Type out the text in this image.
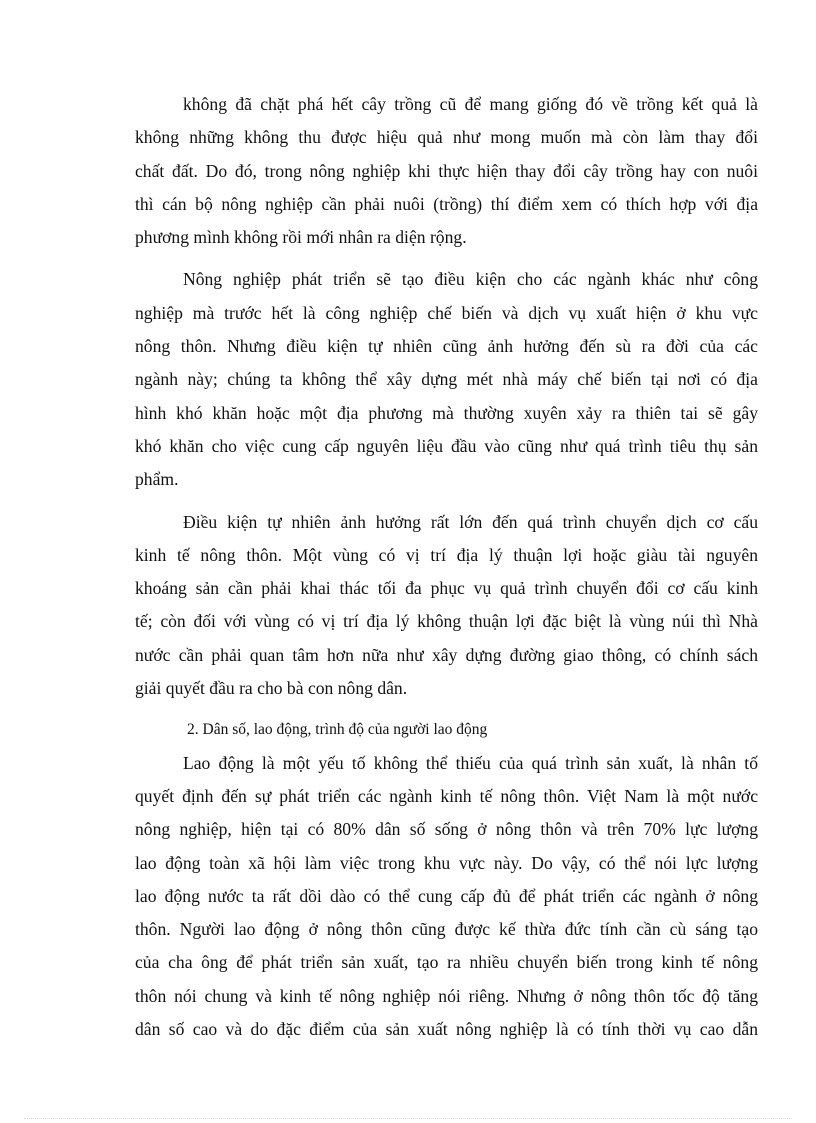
không đã chặt phá hết cây trồng cũ để mang giống đó về trồng kết quả là
không những không thu được hiệu quả như mong muốn mà còn làm thay đổi
chất đất. Do đó, trong nông nghiệp khi thực hiện thay đổi cây trồng hay con nuôi
thì cán bộ nông nghiệp cần phải nuôi (trồng) thí điểm xem có thích hợp với địa
phương mình không rồi mới nhân ra diện rộng.
Nông nghiệp phát triển sẽ tạo điều kiện cho các ngành khác như công
nghiệp mà trước hết là công nghiệp chế biến và dịch vụ xuất hiện ở khu vực
nông thôn. Nhưng điều kiện tự nhiên cũng ảnh hưởng đến sù ra đời của các
ngành này; chúng ta không thể xây dựng mét nhà máy chế biến tại nơi có địa
hình khó khăn hoặc một địa phương mà thường xuyên xảy ra thiên tai sẽ gây
khó khăn cho việc cung cấp nguyên liệu đầu vào cũng như quá trình tiêu thụ sản
phẩm.
Điều kiện tự nhiên ảnh hưởng rất lớn đến quá trình chuyển dịch cơ cấu
kinh tế nông thôn. Một vùng có vị trí địa lý thuận lợi hoặc giàu tài nguyên
khoáng sản cần phải khai thác tối đa phục vụ quả trình chuyển đổi cơ cấu kinh
tế; còn đối với vùng có vị trí địa lý không thuận lợi đặc biệt là vùng núi thì Nhà
nước cần phải quan tâm hơn nữa như xây dựng đường giao thông, có chính sách
giải quyết đầu ra cho bà con nông dân.
2. Dân số, lao động, trình độ của người lao động
Lao động là một yếu tố không thể thiếu của quá trình sản xuất, là nhân tố
quyết định đến sự phát triển các ngành kinh tế nông thôn. Việt Nam là một nước
nông nghiệp, hiện tại có 80% dân số sống ở nông thôn và trên 70% lực lượng
lao động toàn xã hội làm việc trong khu vực này. Do vậy, có thể nói lực lượng
lao động nước ta rất dồi dào có thể cung cấp đủ để phát triển các ngành ở nông
thôn. Người lao động ở nông thôn cũng được kế thừa đức tính cần cù sáng tạo
của cha ông để phát triển sản xuất, tạo ra nhiều chuyển biến trong kinh tế nông
thôn nói chung và kinh tế nông nghiệp nói riêng. Nhưng ở nông thôn tốc độ tăng
dân số cao và do đặc điểm của sản xuất nông nghiệp là có tính thời vụ cao dẫn
